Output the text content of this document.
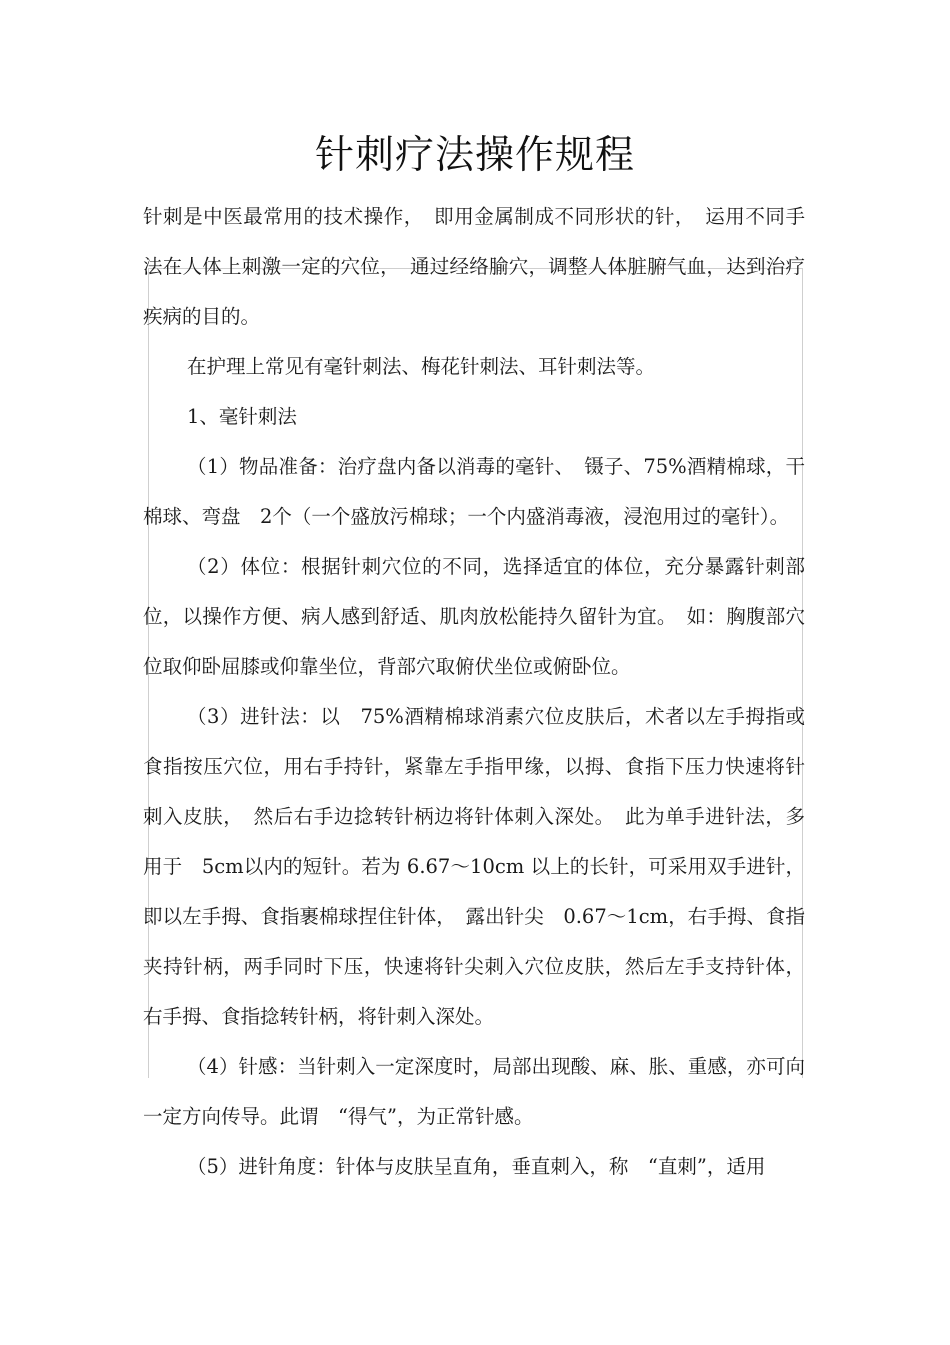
针刺疗法操作规程

针刺是中医最常用的技术操作，　即用金属制成不同形状的针，　运用不同手法在人体上刺激一定的穴位，　通过经络腧穴，调整人体脏腑气血，达到治疗疾病的目的。

在护理上常见有毫针刺法、梅花针刺法、耳针刺法等。

1、毫针刺法

（1）物品准备：治疗盘内备以消毒的毫针、　镊子、75%酒精棉球，干棉球、弯盘　2个（一个盛放污棉球；一个内盛消毒液，浸泡用过的毫针）。

（2）体位：根据针刺穴位的不同，选择适宜的体位，充分暴露针刺部位，以操作方便、病人感到舒适、肌肉放松能持久留针为宜。　如：胸腹部穴位取仰卧屈膝或仰靠坐位，背部穴取俯伏坐位或俯卧位。

（3）进针法：以　75%酒精棉球消素穴位皮肤后，术者以左手拇指或食指按压穴位，用右手持针，紧靠左手指甲缘，以拇、食指下压力快速将针刺入皮肤，　然后右手边捻转针柄边将针体刺入深处。　此为单手进针法，多用于　5cm以内的短针。若为 6.67～10cm 以上的长针，可采用双手进针，即以左手拇、食指裹棉球捏住针体，　露出针尖　0.67～1cm，右手拇、食指夹持针柄，两手同时下压，快速将针尖刺入穴位皮肤，然后左手支持针体，右手拇、食指捻转针柄，将针刺入深处。

（4）针感：当针刺入一定深度时，局部出现酸、麻、胀、重感，亦可向一定方向传导。此谓　“得气”，为正常针感。

（5）进针角度：针体与皮肤呈直角，垂直刺入，称　“直刺”，适用
